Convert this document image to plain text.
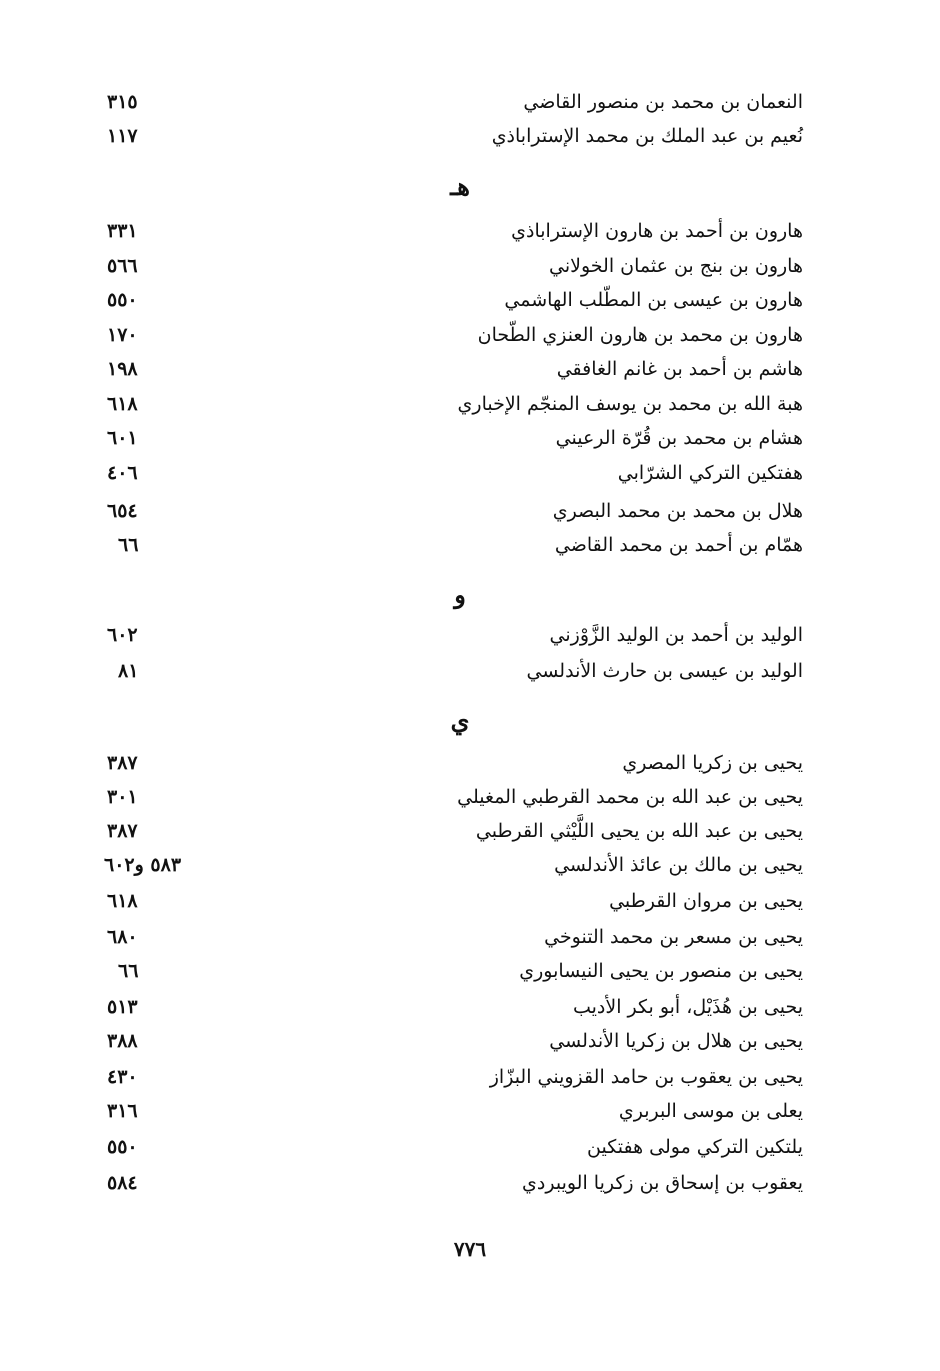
النعمان بن محمد بن منصور القاضي
٣١٥
نُعيم بن عبد الملك بن محمد الإستراباذي
١١٧
هـ
هارون بن أحمد بن هارون الإستراباذي
٣٣١
هارون بن بنج بن عثمان الخولاني
٥٦٦
هارون بن عيسى بن المطّلب الهاشمي
٥٥٠
هارون بن محمد بن هارون العنزي الطّحان
١٧٠
هاشم بن أحمد بن غانم الغافقي
١٩٨
هبة الله بن محمد بن يوسف المنجّم الإخباري
٦١٨
هشام بن محمد بن قُرّة الرعيني
٦٠١
هفتكين التركي الشرّابي
٤٠٦
هلال بن محمد بن محمد البصري
٦٥٤
همّام بن أحمد بن محمد القاضي
٦٦
و
الوليد بن أحمد بن الوليد الزَّوْزني
٦٠٢
الوليد بن عيسى بن حارث الأندلسي
٨١
ي
يحيى بن زكريا المصري
٣٨٧
يحيى بن عبد الله بن محمد القرطبي المغيلي
٣٠١
يحيى بن عبد الله بن يحيى اللَّيْثي القرطبي
٣٨٧
يحيى بن مالك بن عائذ الأندلسي
٥٨٣ و٦٠٢
يحيى بن مروان القرطبي
٦١٨
يحيى بن مسعر بن محمد التنوخي
٦٨٠
يحيى بن منصور بن يحيى النيسابوري
٦٦
يحيى بن هُذَيْل، أبو بكر الأديب
٥١٣
يحيى بن هلال بن زكريا الأندلسي
٣٨٨
يحيى بن يعقوب بن حامد القزويني البزّاز
٤٣٠
يعلى بن موسى البربري
٣١٦
يلتكين التركي مولى هفتكين
٥٥٠
يعقوب بن إسحاق بن زكريا الويبردي
٥٨٤
٧٧٦
